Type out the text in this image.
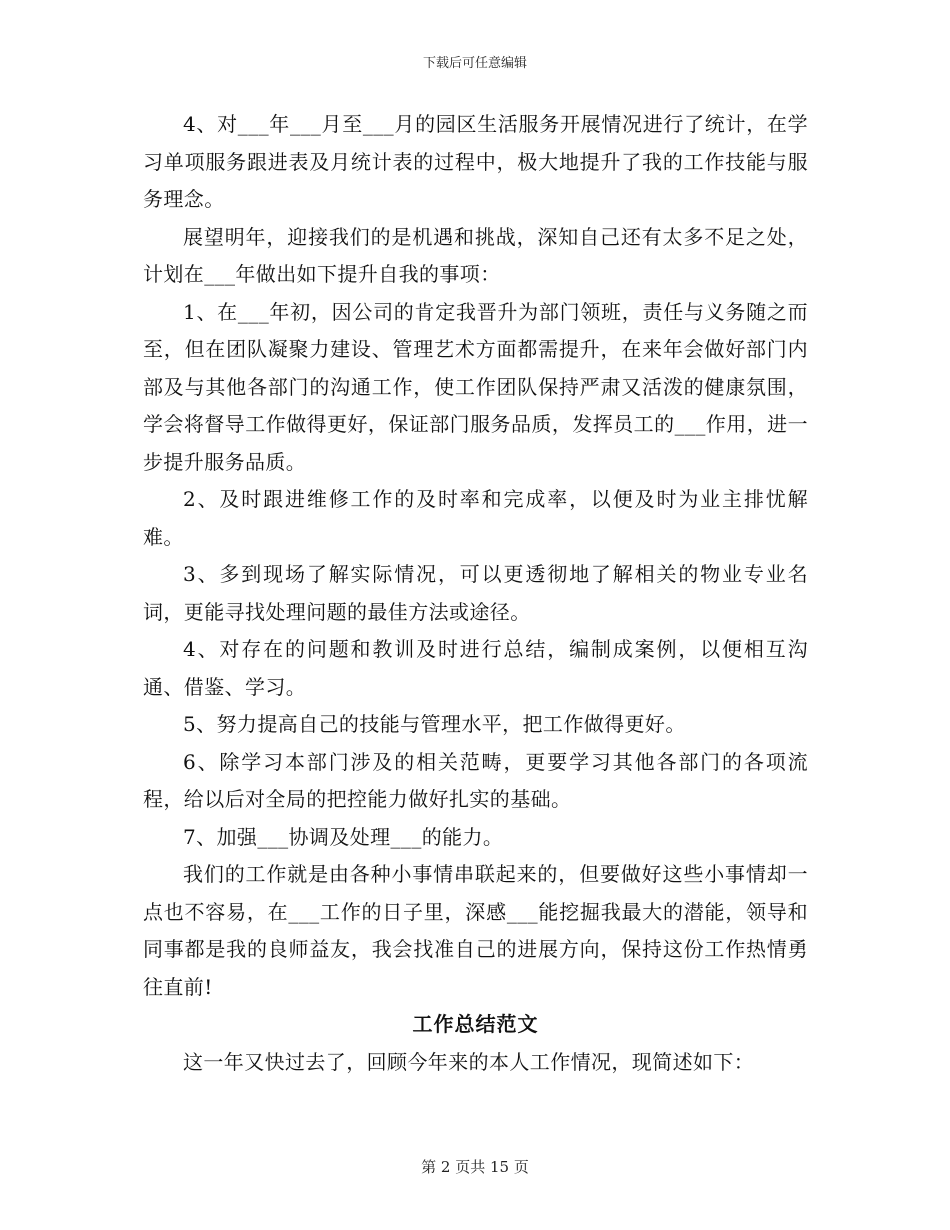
下载后可任意编辑

4、对___年___月至___月的园区生活服务开展情况进行了统计，在学习单项服务跟进表及月统计表的过程中，极大地提升了我的工作技能与服务理念。

展望明年，迎接我们的是机遇和挑战，深知自己还有太多不足之处，计划在___年做出如下提升自我的事项：

1、在___年初，因公司的肯定我晋升为部门领班，责任与义务随之而至，但在团队凝聚力建设、管理艺术方面都需提升，在来年会做好部门内部及与其他各部门的沟通工作，使工作团队保持严肃又活泼的健康氛围，学会将督导工作做得更好，保证部门服务品质，发挥员工的___作用，进一步提升服务品质。

2、及时跟进维修工作的及时率和完成率，以便及时为业主排忧解难。

3、多到现场了解实际情况，可以更透彻地了解相关的物业专业名词，更能寻找处理问题的最佳方法或途径。

4、对存在的问题和教训及时进行总结，编制成案例，以便相互沟通、借鉴、学习。

5、努力提高自己的技能与管理水平，把工作做得更好。

6、除学习本部门涉及的相关范畴，更要学习其他各部门的各项流程，给以后对全局的把控能力做好扎实的基础。

7、加强___协调及处理___的能力。

我们的工作就是由各种小事情串联起来的，但要做好这些小事情却一点也不容易，在___工作的日子里，深感___能挖掘我最大的潜能，领导和同事都是我的良师益友，我会找准自己的进展方向，保持这份工作热情勇往直前!

工作总结范文

这一年又快过去了，回顾今年来的本人工作情况，现简述如下：

第 2 页共 15 页
